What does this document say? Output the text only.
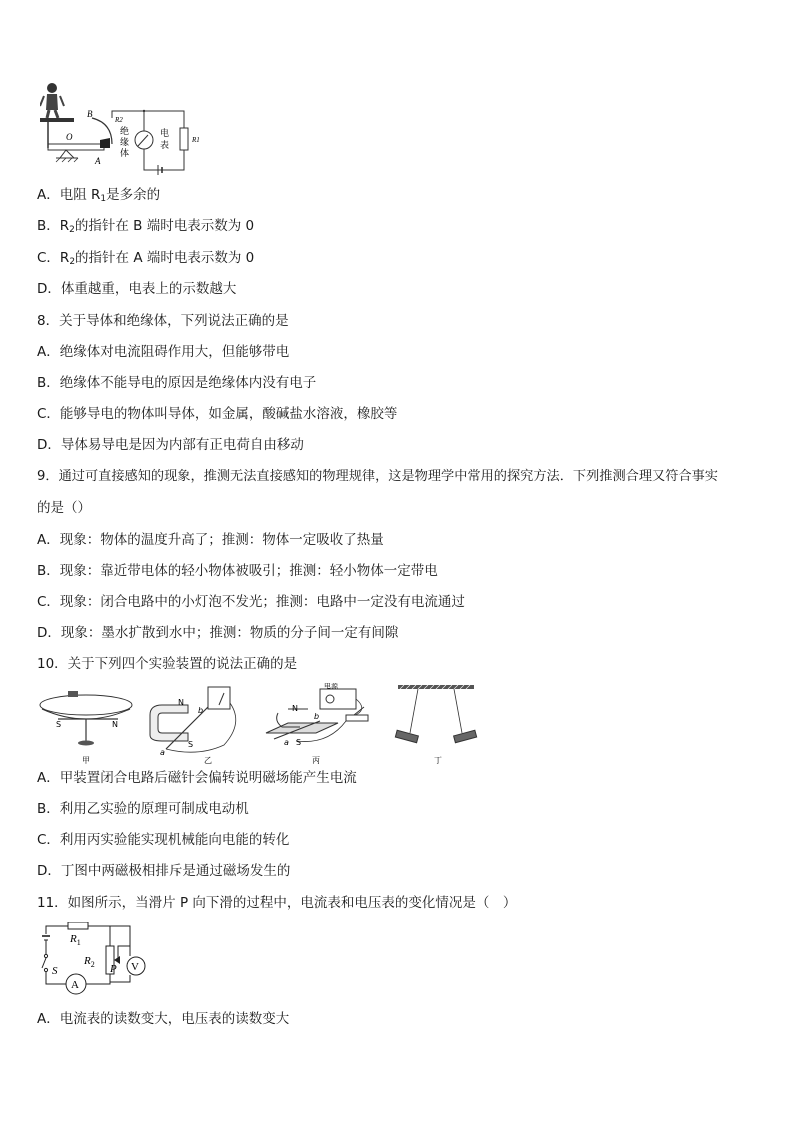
O
B
A
R2
绝
缘
体
电
表
R1
A．电阻 $R_1$是多余的
B．$R_2$的指针在 B 端时电表示数为 0
C．$R_2$的指针在 A 端时电表示数为 0
D．体重越重，电表上的示数越大
8．关于导体和绝缘体，下列说法正确的是
A．绝缘体对电流阻碍作用大，但能够带电
B．绝缘体不能导电的原因是绝缘体内没有电子
C．能够导电的物体叫导体，如金属，酸碱盐水溶液，橡胶等
D．导体易导电是因为内部有正电荷自由移动
9．通过可直接感知的现象，推测无法直接感知的物理规律，这是物理学中常用的探究方法．下列推测合理又符合事实
的是（）
A．现象：物体的温度升高了；推测：物体一定吸收了热量
B．现象：靠近带电体的轻小物体被吸引；推测：轻小物体一定带电
C．现象：闭合电路中的小灯泡不发光；推测：电路中一定没有电流通过
D．现象：墨水扩散到水中；推测：物质的分子间一定有间隙
10．关于下列四个实验装置的说法正确的是
S	N
甲
N
S
a
b
乙
电源
N
S
a
b
丙	丁
A．甲装置闭合电路后磁针会偏转说明磁场能产生电流
B．利用乙实验的原理可制成电动机
C．利用丙实验能实现机械能向电能的转化
D．丁图中两磁极相排斥是通过磁场发生的
11．如图所示，当滑片 P 向下滑的过程中，电流表和电压表的变化情况是（　）
A
$R_1$
$R_2$ P V
S
A．电流表的读数变大，电压表的读数变大
